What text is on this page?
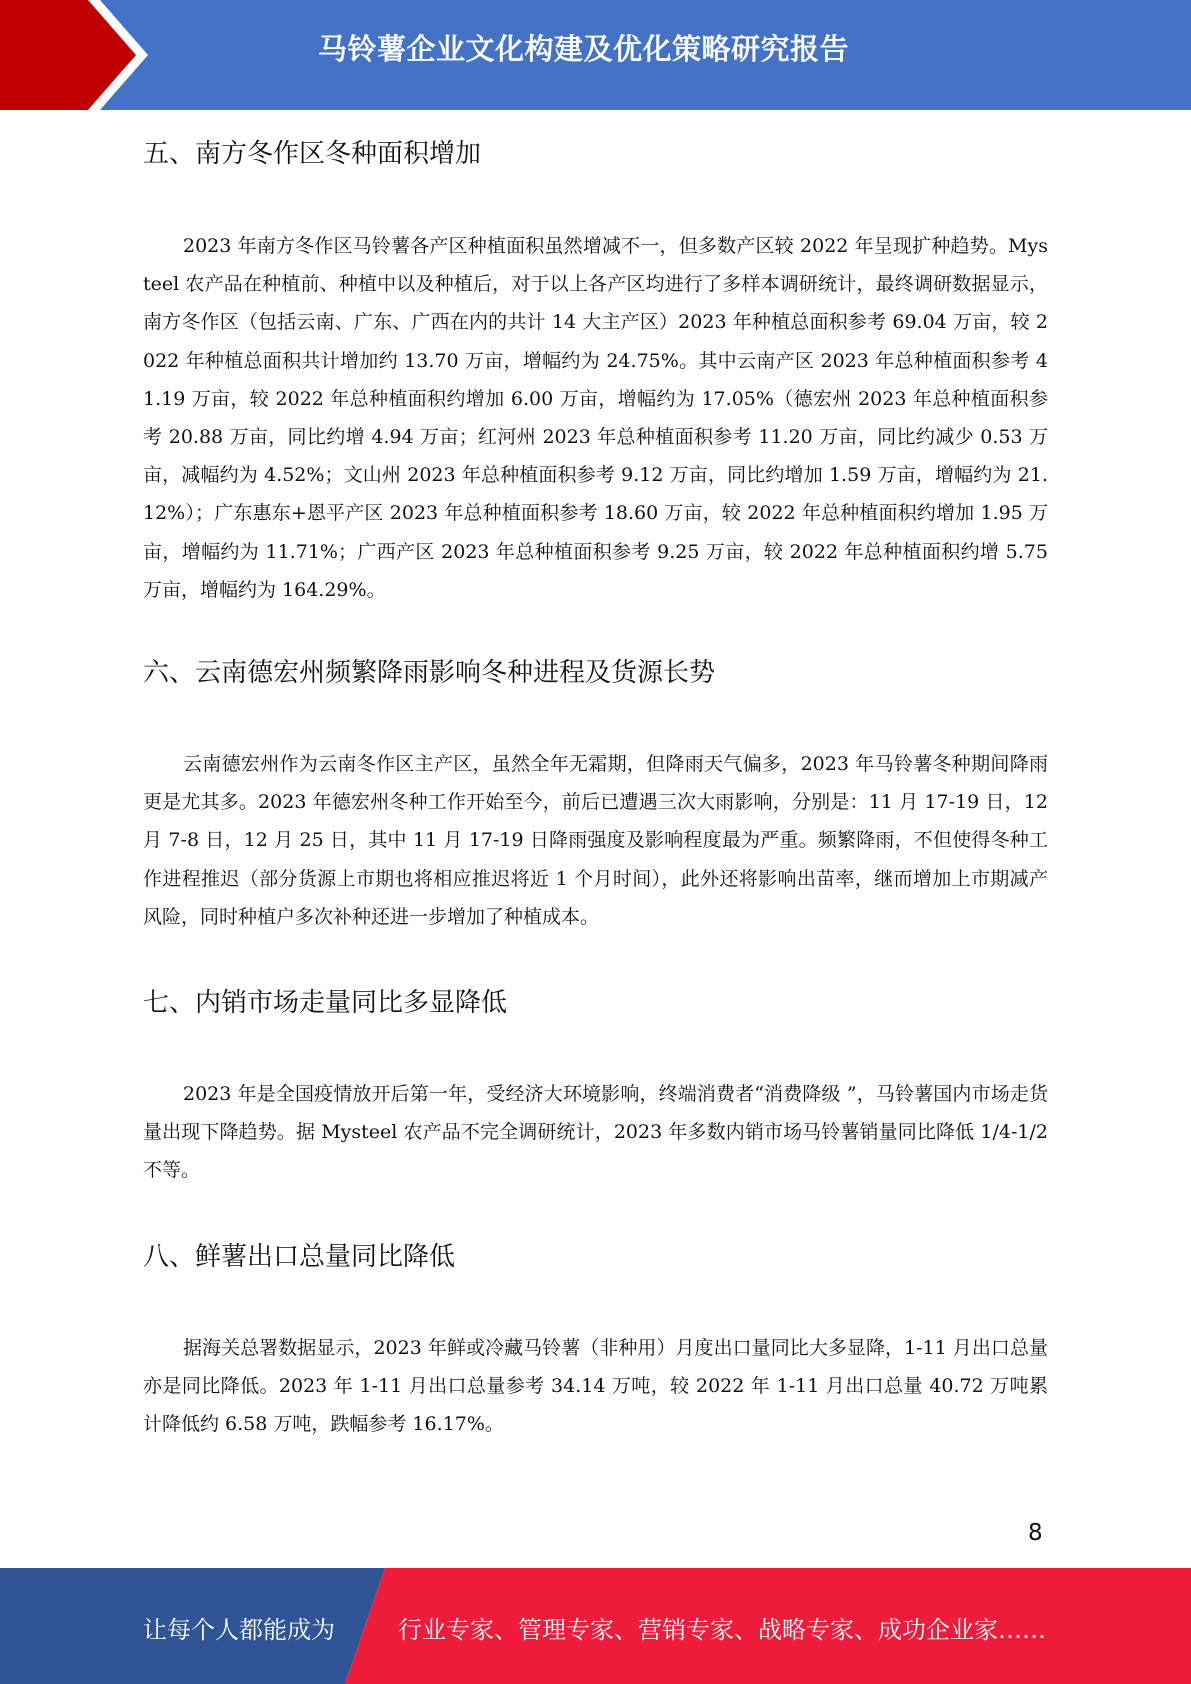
马铃薯企业文化构建及优化策略研究报告
五、南方冬作区冬种面积增加

2023 年南方冬作区马铃薯各产区种植面积虽然增减不一，但多数产区较 2022 年呈现扩种趋势。Mysteel 农产品在种植前、种植中以及种植后，对于以上各产区均进行了多样本调研统计，最终调研数据显示，南方冬作区（包括云南、广东、广西在内的共计 14 大主产区）2023 年种植总面积参考 69.04 万亩，较 2022 年种植总面积共计增加约 13.70 万亩，增幅约为 24.75%。其中云南产区 2023 年总种植面积参考 41.19 万亩，较 2022 年总种植面积约增加 6.00 万亩，增幅约为 17.05%（德宏州 2023 年总种植面积参考 20.88 万亩，同比约增 4.94 万亩；红河州 2023 年总种植面积参考 11.20 万亩，同比约减少 0.53 万亩，减幅约为 4.52%；文山州 2023 年总种植面积参考 9.12 万亩，同比约增加 1.59 万亩，增幅约为 21.12%）；广东惠东+恩平产区 2023 年总种植面积参考 18.60 万亩，较 2022 年总种植面积约增加 1.95 万亩，增幅约为 11.71%；广西产区 2023 年总种植面积参考 9.25 万亩，较 2022 年总种植面积约增 5.75 万亩，增幅约为 164.29%。

六、云南德宏州频繁降雨影响冬种进程及货源长势

云南德宏州作为云南冬作区主产区，虽然全年无霜期，但降雨天气偏多，2023 年马铃薯冬种期间降雨更是尤其多。2023 年德宏州冬种工作开始至今，前后已遭遇三次大雨影响，分别是：11 月 17-19 日，12 月 7-8 日，12 月 25 日，其中 11 月 17-19 日降雨强度及影响程度最为严重。频繁降雨，不但使得冬种工作进程推迟（部分货源上市期也将相应推迟将近 1 个月时间），此外还将影响出苗率，继而增加上市期减产风险，同时种植户多次补种还进一步增加了种植成本。

七、内销市场走量同比多显降低

2023 年是全国疫情放开后第一年，受经济大环境影响，终端消费者“消费降级 ”，马铃薯国内市场走货量出现下降趋势。据 Mysteel 农产品不完全调研统计，2023 年多数内销市场马铃薯销量同比降低 1/4-1/2 不等。

八、鲜薯出口总量同比降低

据海关总署数据显示，2023 年鲜或冷藏马铃薯（非种用）月度出口量同比大多显降，1-11 月出口总量亦是同比降低。2023 年 1-11 月出口总量参考 34.14 万吨，较 2022 年 1-11 月出口总量 40.72 万吨累计降低约 6.58 万吨，跌幅参考 16.17%。

8
让每个人都能成为	行业专家、管理专家、营销专家、战略专家、成功企业家……
